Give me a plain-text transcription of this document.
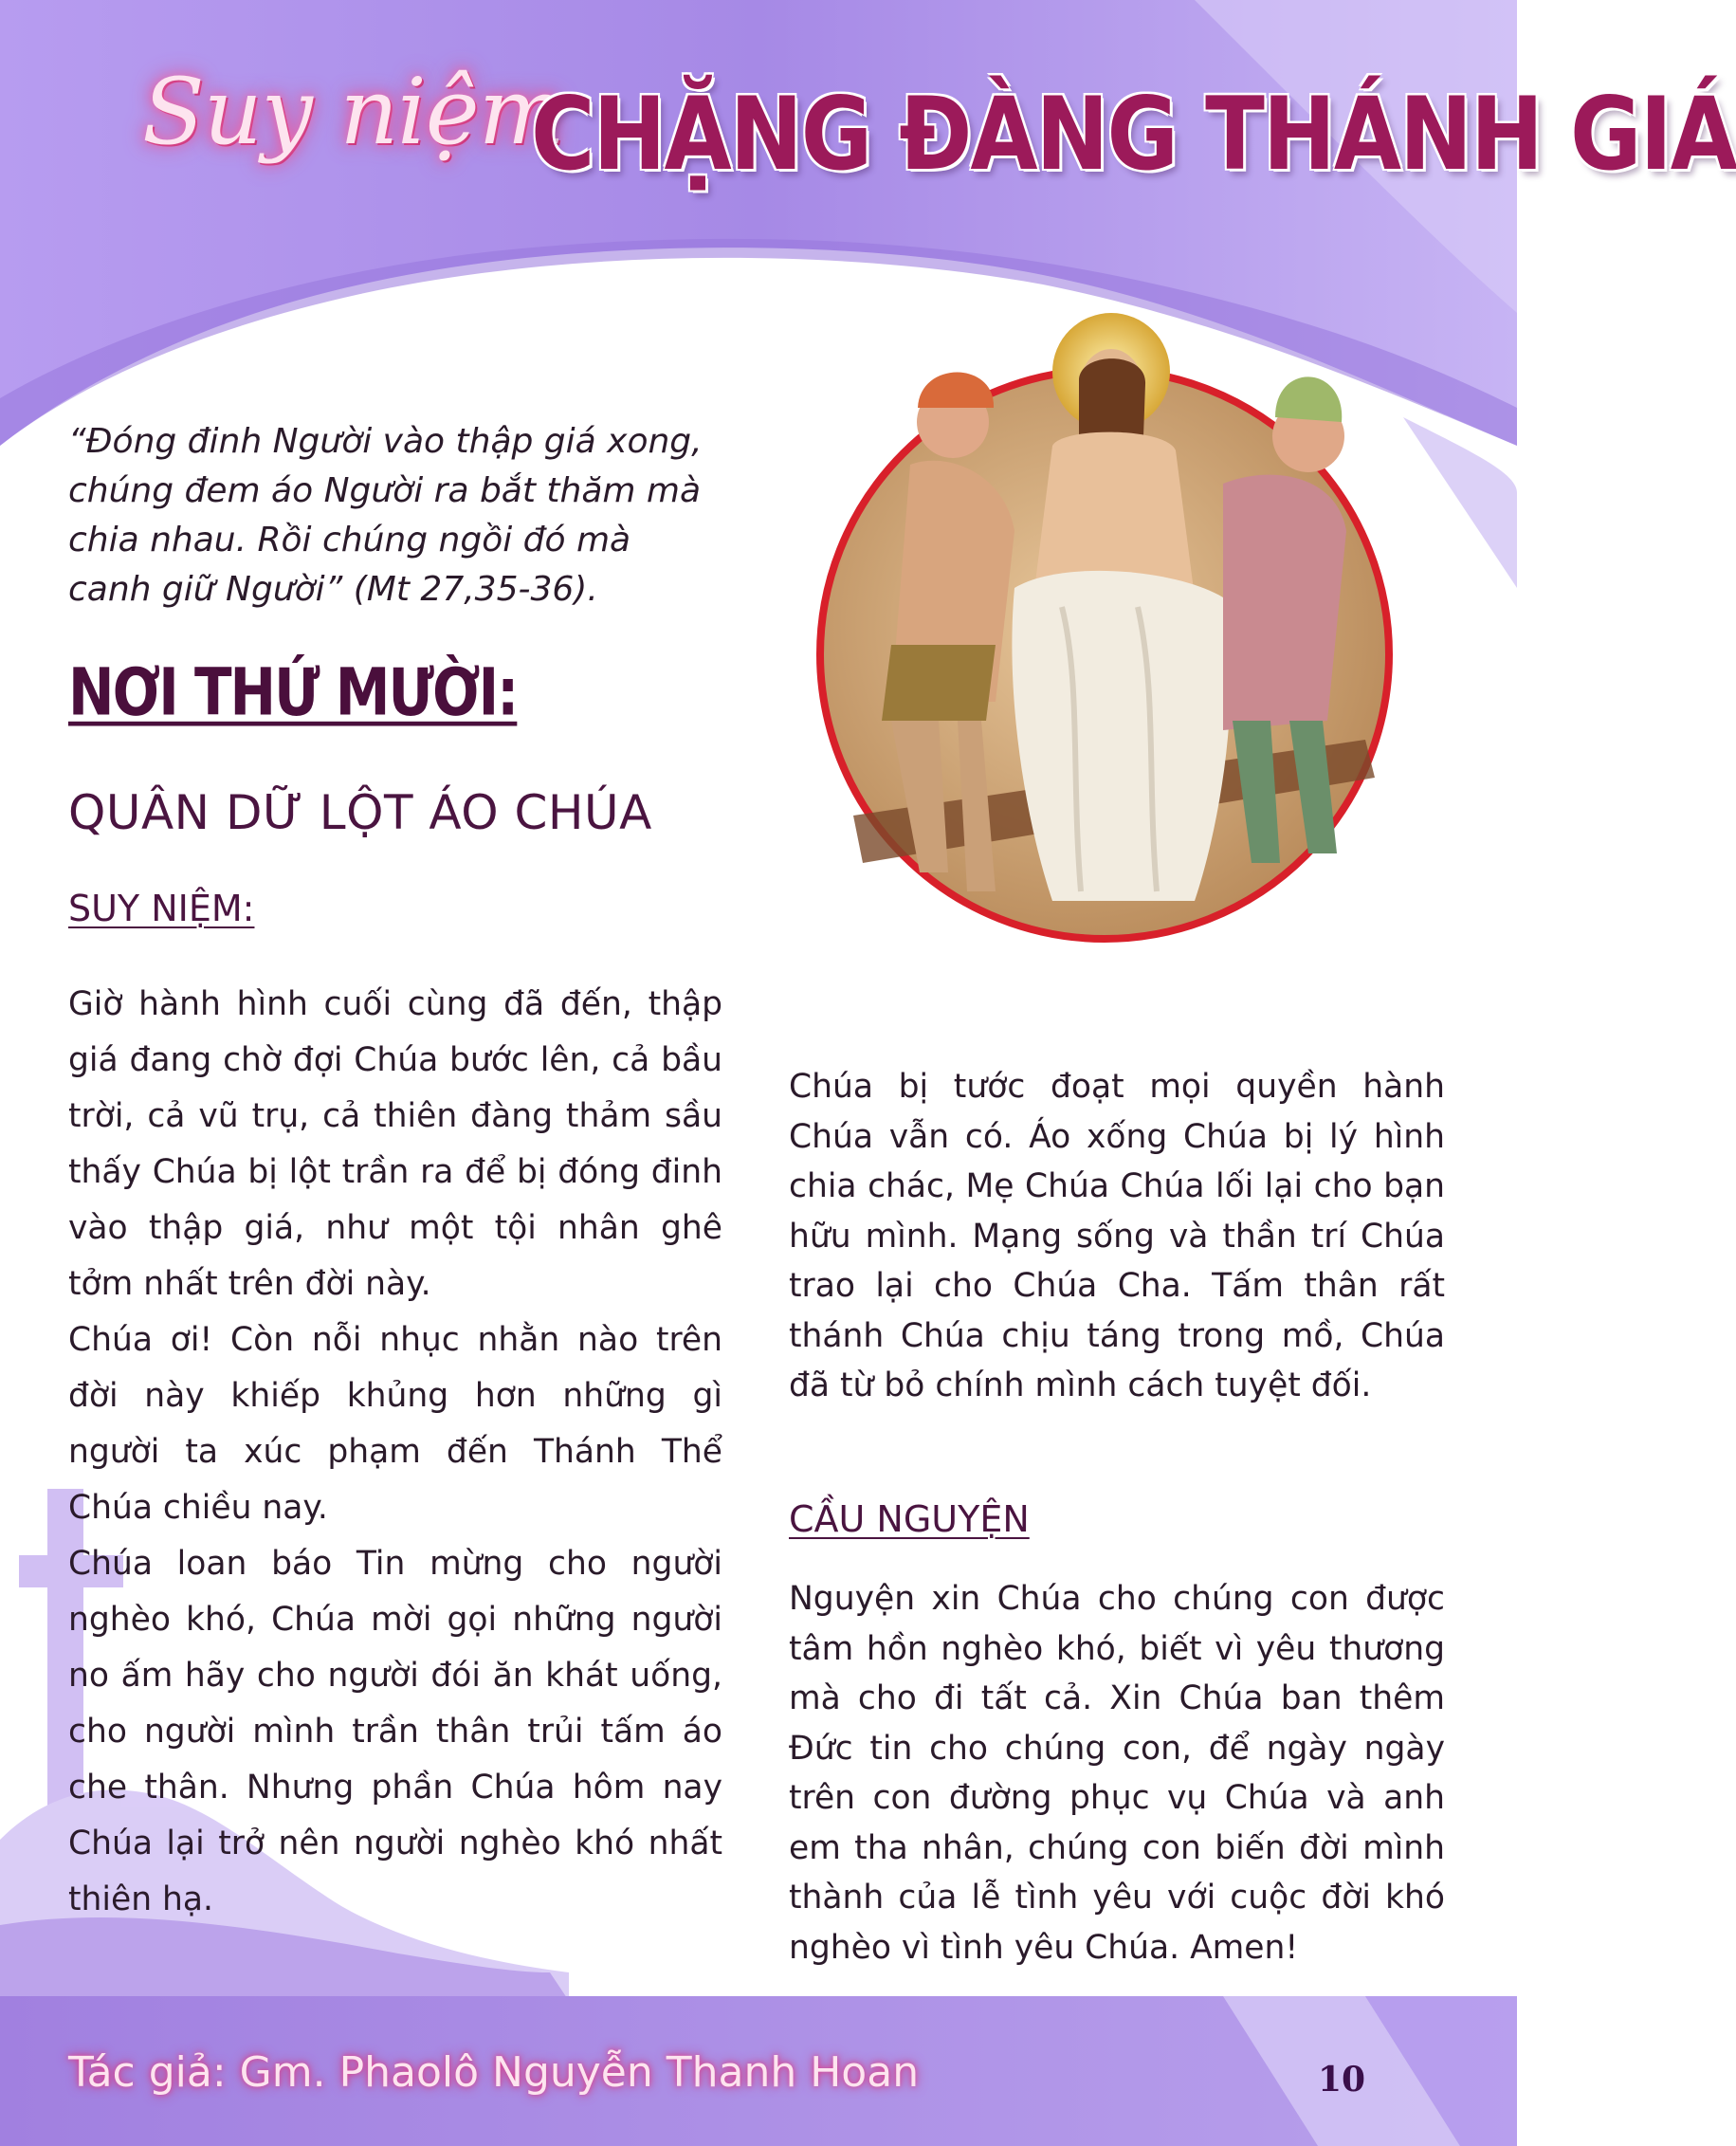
Suy niệm
CHẶNG ĐÀNG THÁNH GIÁ
“Đóng đinh Người vào thập giá xong, chúng đem áo Người ra bắt thăm mà chia nhau. Rồi chúng ngồi đó mà canh giữ Người” (Mt 27,35-36).
NƠI THỨ MƯỜI:
QUÂN DỮ LỘT ÁO CHÚA
SUY NIỆM:

Giờ hành hình cuối cùng đã đến, thập giá đang chờ đợi Chúa bước lên, cả bầu trời, cả vũ trụ, cả thiên đàng thảm sầu thấy Chúa bị lột trần ra để bị đóng đinh vào thập giá, như một tội nhân ghê tởm nhất trên đời này.

Chúa ơi! Còn nỗi nhục nhằn nào trên đời này khiếp khủng hơn những gì người ta xúc phạm đến Thánh Thể Chúa chiều nay.

Chúa loan báo Tin mừng cho người nghèo khó, Chúa mời gọi những người no ấm hãy cho người đói ăn khát uống, cho người mình trần thân trủi tấm áo che thân. Nhưng phần Chúa hôm nay Chúa lại trở nên người nghèo khó nhất thiên hạ.

Chúa bị tước đoạt mọi quyền hành Chúa vẫn có. Áo xống Chúa bị lý hình chia chác, Mẹ Chúa Chúa lối lại cho bạn hữu mình. Mạng sống và thần trí Chúa trao lại cho Chúa Cha. Tấm thân rất thánh Chúa chịu táng trong mồ, Chúa đã từ bỏ chính mình cách tuyệt đối.
CẦU NGUYỆN
Nguyện xin Chúa cho chúng con được tâm hồn nghèo khó, biết vì yêu thương mà cho đi tất cả. Xin Chúa ban thêm Đức tin cho chúng con, để ngày ngày trên con đường phục vụ Chúa và anh em tha nhân, chúng con biến đời mình thành của lễ tình yêu với cuộc đời khó nghèo vì tình yêu Chúa. Amen!
Tác giả: Gm. Phaolô Nguyễn Thanh Hoan	10
